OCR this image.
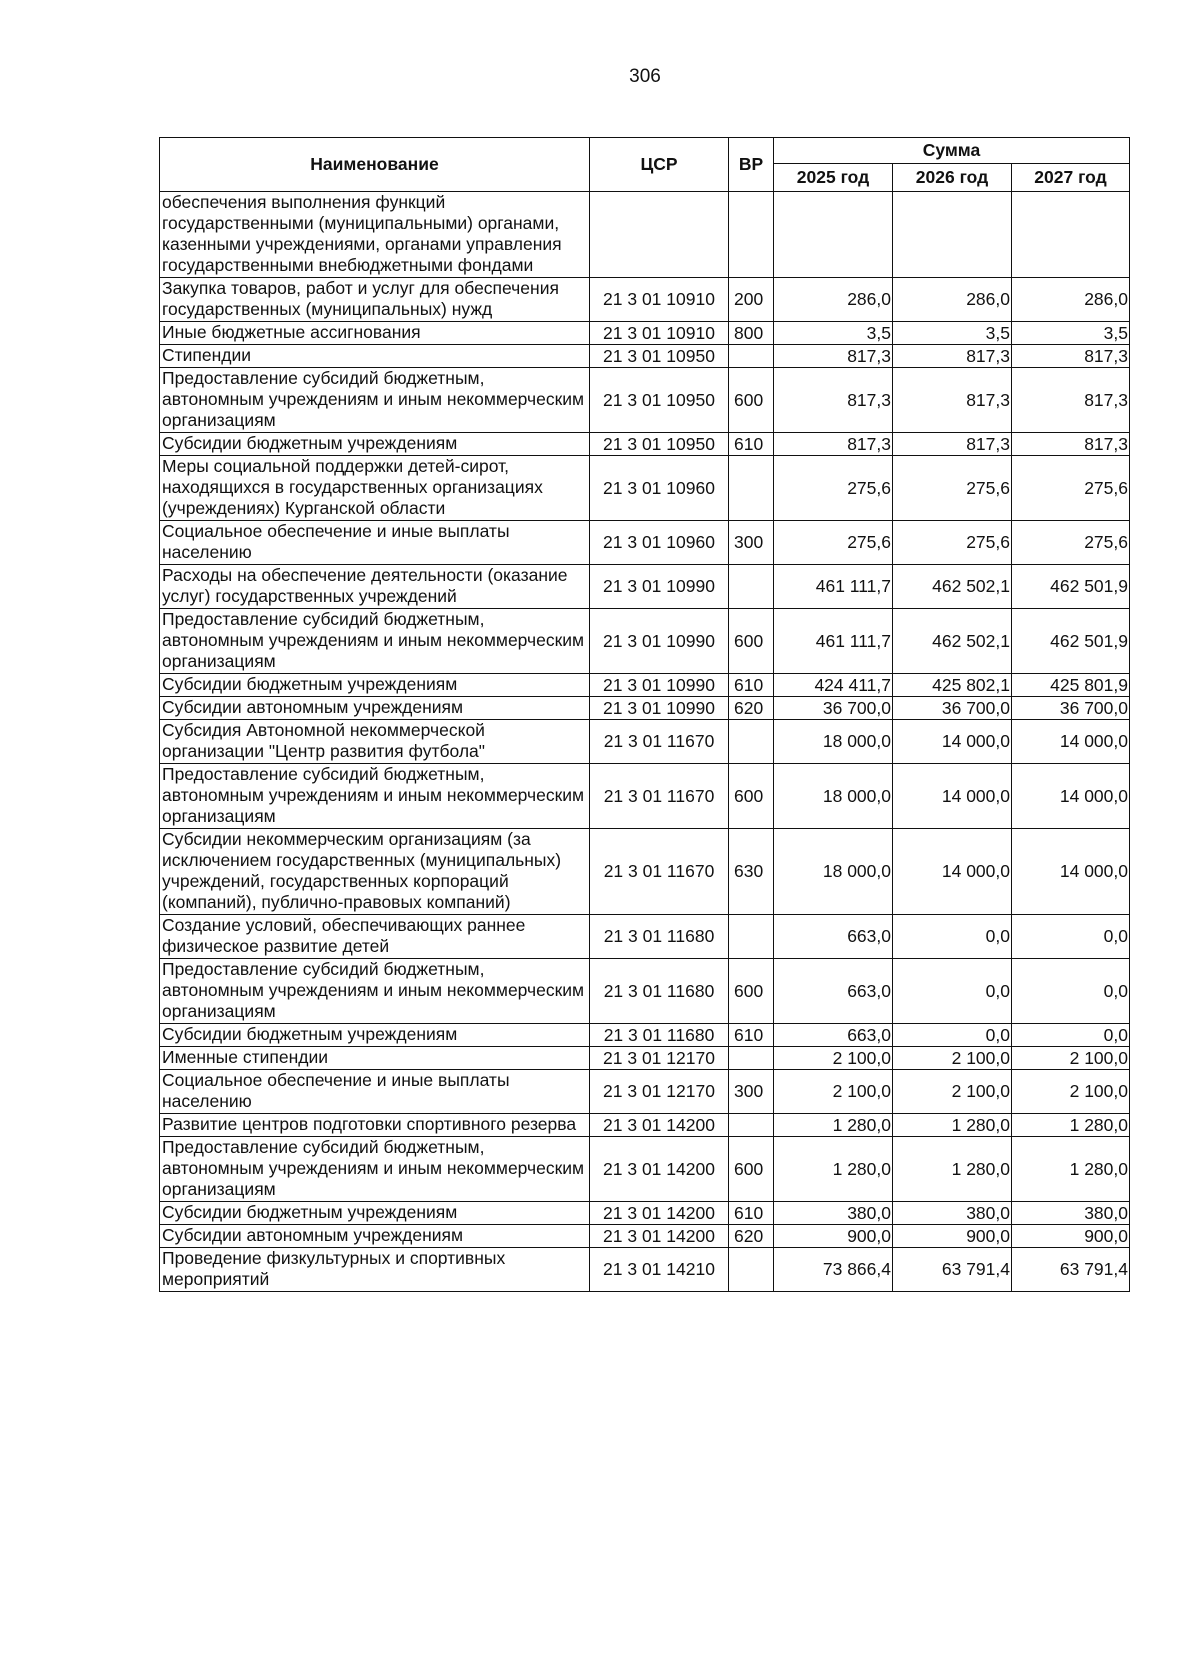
306
Наименование	ЦСР	ВР	Сумма		
			2025 год	2026 год	2027 год
обеспечения выполнения функций государственными (муниципальными) органами, казенными учреждениями, органами управления государственными внебюджетными фондами					
Закупка товаров, работ и услуг для обеспечения государственных (муниципальных) нужд	21 3 01 10910	200	286,0	286,0	286,0
Иные бюджетные ассигнования	21 3 01 10910	800	3,5	3,5	3,5
Стипендии	21 3 01 10950		817,3	817,3	817,3
Предоставление субсидий бюджетным, автономным учреждениям и иным некоммерческим организациям	21 3 01 10950	600	817,3	817,3	817,3
Субсидии бюджетным учреждениям	21 3 01 10950	610	817,3	817,3	817,3
Меры социальной поддержки детей-сирот, находящихся в государственных организациях (учреждениях) Курганской области	21 3 01 10960		275,6	275,6	275,6
Социальное обеспечение и иные выплаты населению	21 3 01 10960	300	275,6	275,6	275,6
Расходы на обеспечение деятельности (оказание услуг) государственных учреждений	21 3 01 10990		461 111,7	462 502,1	462 501,9
Предоставление субсидий бюджетным, автономным учреждениям и иным некоммерческим организациям	21 3 01 10990	600	461 111,7	462 502,1	462 501,9
Субсидии бюджетным учреждениям	21 3 01 10990	610	424 411,7	425 802,1	425 801,9
Субсидии автономным учреждениям	21 3 01 10990	620	36 700,0	36 700,0	36 700,0
Субсидия Автономной некоммерческой организации "Центр развития футбола"	21 3 01 11670		18 000,0	14 000,0	14 000,0
Предоставление субсидий бюджетным, автономным учреждениям и иным некоммерческим организациям	21 3 01 11670	600	18 000,0	14 000,0	14 000,0
Субсидии некоммерческим организациям (за исключением государственных (муниципальных) учреждений, государственных корпораций (компаний), публично-правовых компаний)	21 3 01 11670	630	18 000,0	14 000,0	14 000,0
Создание условий, обеспечивающих раннее физическое развитие детей	21 3 01 11680		663,0	0,0	0,0
Предоставление субсидий бюджетным, автономным учреждениям и иным некоммерческим организациям	21 3 01 11680	600	663,0	0,0	0,0
Субсидии бюджетным учреждениям	21 3 01 11680	610	663,0	0,0	0,0
Именные стипендии	21 3 01 12170		2 100,0	2 100,0	2 100,0
Социальное обеспечение и иные выплаты населению	21 3 01 12170	300	2 100,0	2 100,0	2 100,0
Развитие центров подготовки спортивного резерва	21 3 01 14200		1 280,0	1 280,0	1 280,0
Предоставление субсидий бюджетным, автономным учреждениям и иным некоммерческим организациям	21 3 01 14200	600	1 280,0	1 280,0	1 280,0
Субсидии бюджетным учреждениям	21 3 01 14200	610	380,0	380,0	380,0
Субсидии автономным учреждениям	21 3 01 14200	620	900,0	900,0	900,0
Проведение физкультурных и спортивных мероприятий	21 3 01 14210		73 866,4	63 791,4	63 791,4
